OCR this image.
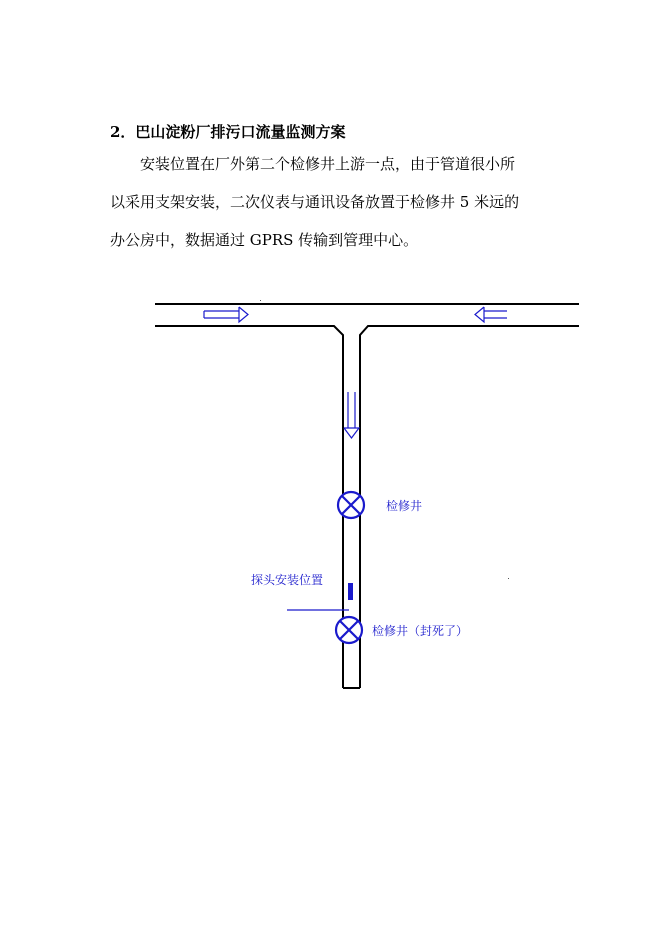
2．巴山淀粉厂排污口流量监测方案
安装位置在厂外第二个检修井上游一点，由于管道很小所
以采用支架安装，二次仪表与通讯设备放置于检修井 5 米远的
办公房中，数据通过 GPRS 传输到管理中心。
检修井
探头安装位置
检修井（封死了）
